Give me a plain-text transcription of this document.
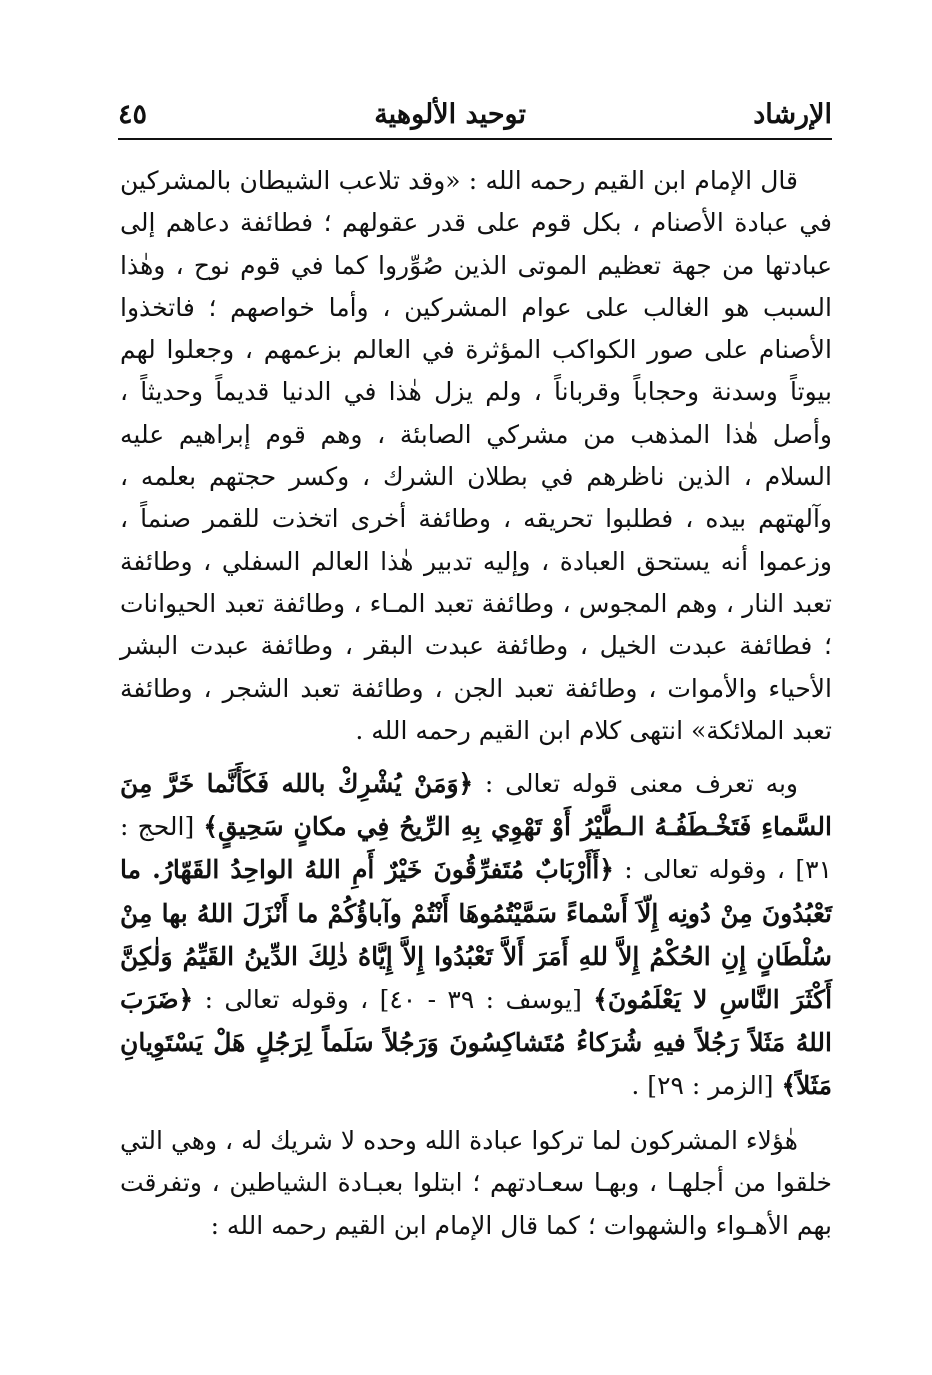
الإرشاد
توحيد الألوهية
٤٥

قال الإمام ابن القيم رحمه الله : «وقد تلاعب الشيطان بالمشركين في عبادة الأصنام ، بكل قوم على قدر عقولهم ؛ فطائفة دعاهم إلى عبادتها من جهة تعظيم الموتى الذين صُوِّروا كما في قوم نوح ، وهٰذا السبب هو الغالب على عوام المشركين ، وأما خواصهم ؛ فاتخذوا الأصنام على صور الكواكب المؤثرة في العالم بزعمهم ، وجعلوا لهم بيوتاً وسدنة وحجاباً وقرباناً ، ولم يزل هٰذا في الدنيا قديماً وحديثاً ، وأصل هٰذا المذهب من مشركي الصابئة ، وهم قوم إبراهيم عليه السلام ، الذين ناظرهم في بطلان الشرك ، وكسر حجتهم بعلمه ، وآلهتهم بيده ، فطلبوا تحريقه ، وطائفة أخرى اتخذت للقمر صنماً ، وزعموا أنه يستحق العبادة ، وإليه تدبير هٰذا العالم السفلي ، وطائفة تعبد النار ، وهم المجوس ، وطائفة تعبد المـاء ، وطائفة تعبد الحيوانات ؛ فطائفة عبدت الخيل ، وطائفة عبدت البقر ، وطائفة عبدت البشر الأحياء والأموات ، وطائفة تعبد الجن ، وطائفة تعبد الشجر ، وطائفة تعبد الملائكة» انتهى كلام ابن القيم رحمه الله .

وبه تعرف معنى قوله تعالى : ﴿وَمَنْ يُشْرِكْ بالله فَكَأَنَّما خَرَّ مِنَ السَّماءِ فَتَخْـطَفُـهُ الـطَّيْرُ أَوْ تَهْوِي بِهِ الرِّيحُ فِي مكانٍ سَحِيقٍ﴾ [الحج : ٣١] ، وقوله تعالى : ﴿أَأَرْبَابٌ مُتَفرِّقُونَ خَيْرٌ أَمِ اللهُ الواحِدُ القَهّارُ. ما تَعْبُدُونَ مِنْ دُونِه إِلّاَ أَسْماءً سَمَّيْتُمُوهَا أَنْتُمْ وآباؤُكُمْ ما أَنْزَلَ اللهُ بها مِنْ سُلْطَانٍ إِنِ الحُكْمُ إِلاَّ للهِ أَمَرَ أَلاَّ تَعْبُدُوا إِلاَّ إِيَّاهُ ذٰلِكَ الدِّينُ القَيِّمُ وَلٰكِنَّ أَكْثَرَ النَّاسِ لا يَعْلَمُونَ﴾ [يوسف : ٣٩ - ٤٠] ، وقوله تعالى : ﴿ضَرَبَ اللهُ مَثَلاً رَجُلاً فيهِ شُرَكاءُ مُتَشاكِسُونَ وَرَجُلاً سَلَماً لِرَجُلٍ هَلْ يَسْتَوِيانِ مَثَلاً﴾ [الزمر : ٢٩] .

هٰؤلاء المشركون لما تركوا عبادة الله وحده لا شريك له ، وهي التي خلقوا من أجلهـا ، وبهـا سعـادتهم ؛ ابتلوا بعبـادة الشياطين ، وتفرقت بهم الأهـواء والشهوات ؛ كما قال الإمام ابن القيم رحمه الله :
